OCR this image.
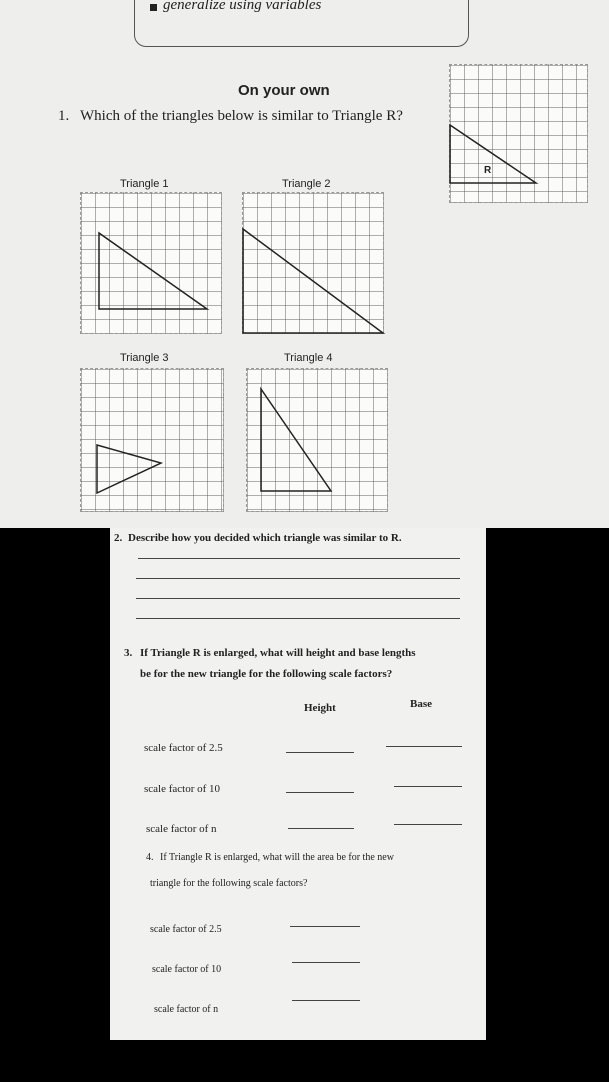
generalize using variables
On your own
1. Which of the triangles below is similar to Triangle R?
R
Triangle 1	Triangle 2
Triangle 3	Triangle 4
2. Describe how you decided which triangle was similar to R.
3. If Triangle R is enlarged, what will height and base lengths
be for the new triangle for the following scale factors?
Height	Base
scale factor of 2.5
scale factor of 10
scale factor of n
4. If Triangle R is enlarged, what will the area be for the new
triangle for the following scale factors?
scale factor of 2.5
scale factor of 10
scale factor of n
